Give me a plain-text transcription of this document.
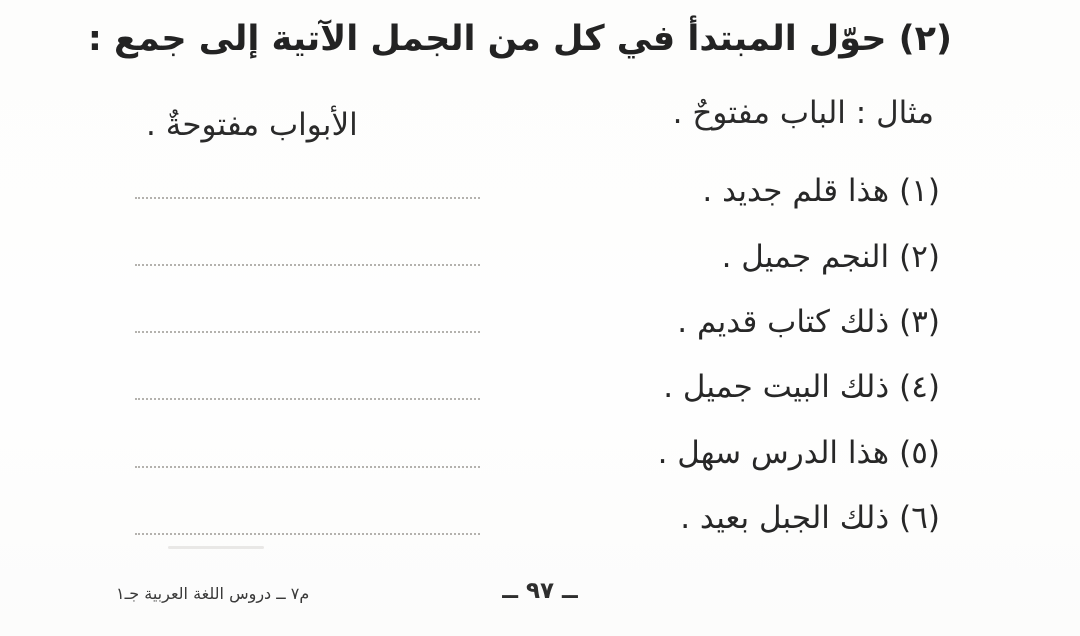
(٢) حوّل المبتدأ في كل من الجمل الآتية إلى جمع :
مثال : الباب مفتوحٌ .
الأبواب مفتوحةٌ .
(١)هذا قلم جديد .
(٢)النجم جميل .
(٣)ذلك كتاب قديم .
(٤)ذلك البيت جميل .
(٥)هذا الدرس سهل .
(٦)ذلك الجبل بعيد .
م٧ ــ دروس اللغة العربية جـ١	ــ ٩٧ ــ
